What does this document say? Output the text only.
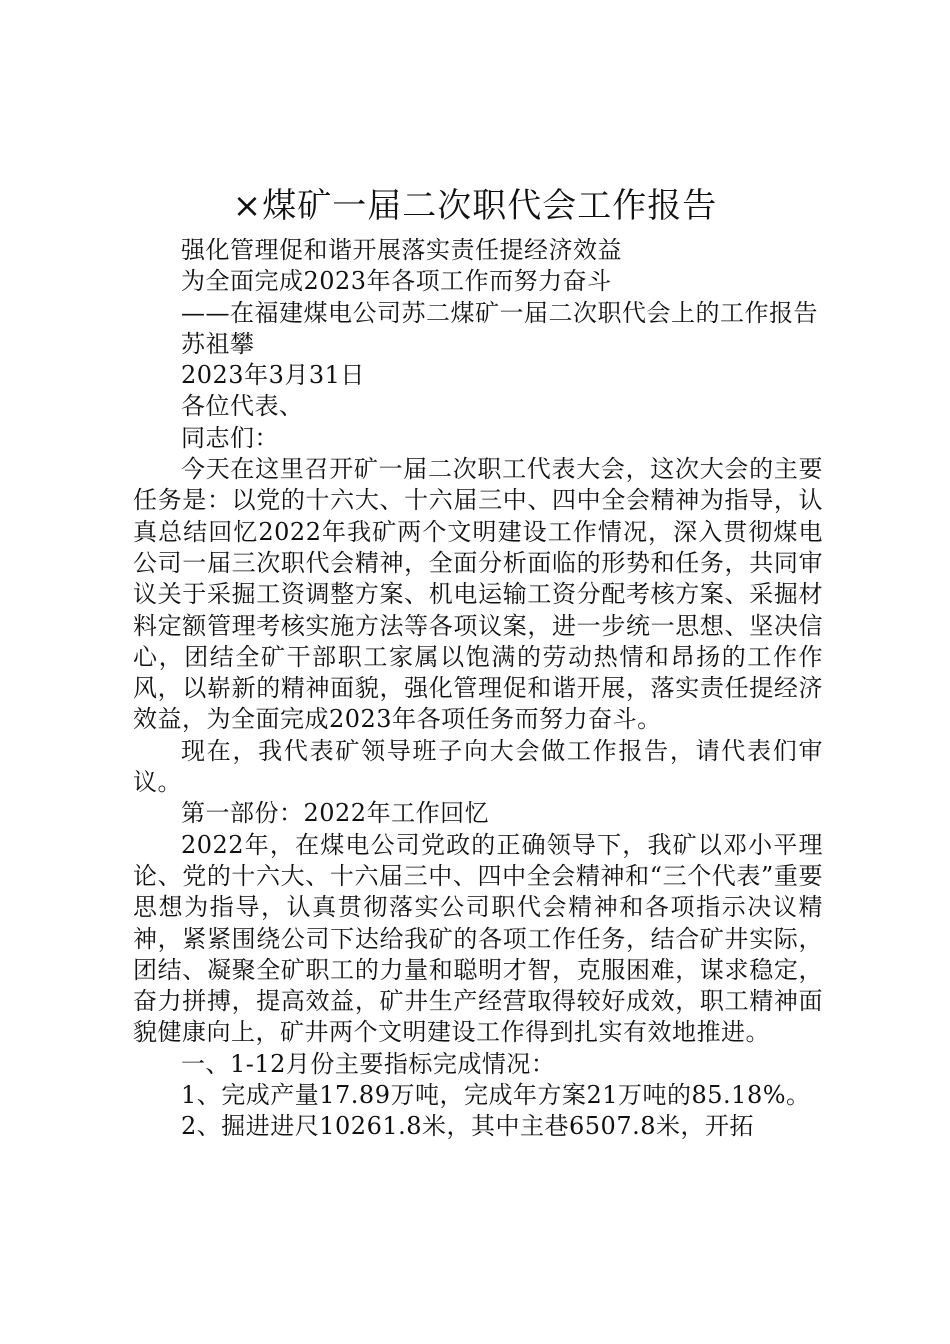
×煤矿一届二次职代会工作报告

强化管理促和谐开展落实责任提经济效益

为全面完成2023年各项工作而努力奋斗

——在福建煤电公司苏二煤矿一届二次职代会上的工作报告

苏祖攀

2023年3月31日

各位代表、

同志们：

今天在这里召开矿一届二次职工代表大会，这次大会的主要任务是：以党的十六大、十六届三中、四中全会精神为指导，认真总结回忆2022年我矿两个文明建设工作情况，深入贯彻煤电公司一届三次职代会精神，全面分析面临的形势和任务，共同审议关于采掘工资调整方案、机电运输工资分配考核方案、采掘材料定额管理考核实施方法等各项议案，进一步统一思想、坚决信心，团结全矿干部职工家属以饱满的劳动热情和昂扬的工作作风，以崭新的精神面貌，强化管理促和谐开展，落实责任提经济效益，为全面完成2023年各项任务而努力奋斗。

现在，我代表矿领导班子向大会做工作报告，请代表们审议。

第一部份：2022年工作回忆

2022年，在煤电公司党政的正确领导下，我矿以邓小平理论、党的十六大、十六届三中、四中全会精神和“三个代表”重要思想为指导，认真贯彻落实公司职代会精神和各项指示决议精神，紧紧围绕公司下达给我矿的各项工作任务，结合矿井实际，团结、凝聚全矿职工的力量和聪明才智，克服困难，谋求稳定，奋力拼搏，提高效益，矿井生产经营取得较好成效，职工精神面貌健康向上，矿井两个文明建设工作得到扎实有效地推进。

一、1-12月份主要指标完成情况：

1、完成产量17.89万吨，完成年方案21万吨的85.18%。

2、掘进进尺10261.8米，其中主巷6507.8米，开拓
